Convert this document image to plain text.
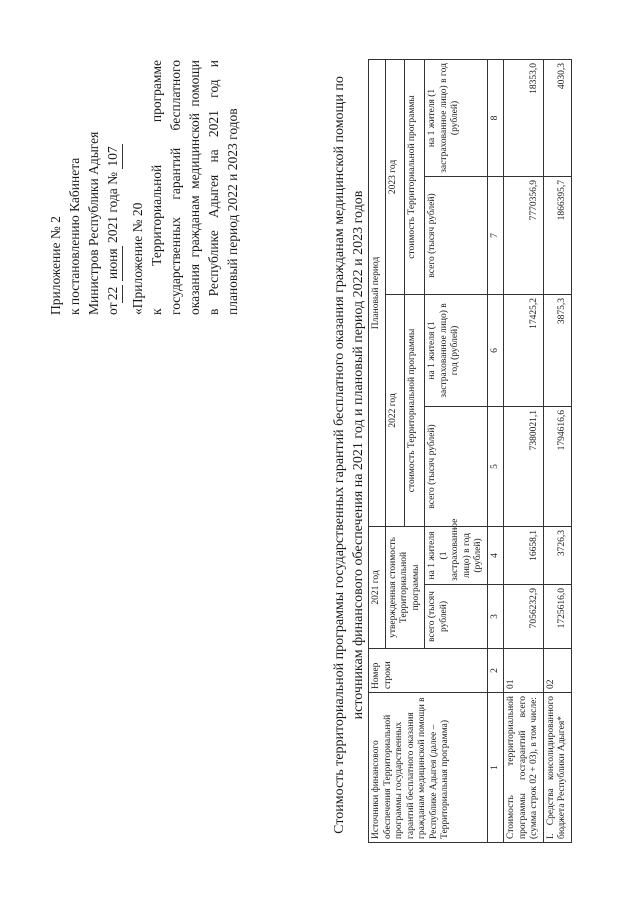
Приложение № 2 к постановлению Кабинета Министров Республики Адыгея от22 июня 2021 года № 107
«Приложение № 20 к Территориальной программе государственных гарантий бесплатного оказания гражданам медицинской помощи в Республике Адыгея на 2021 год и плановый период 2022 и 2023 годов	Стоимость территориальной программы государственных гарантий бесплатного оказания гражданам медицинской помощи по источникам финансового обеспечения на 2021 год и плановый период 2022 и 2023 годов
Источники финансового обеспечения Территориальной программы государственных гарантий бесплатного оказания гражданам медицинской помощи в Республике Адыгея (далее – Территориальная программа)	Номер строки	2021 год		Плановый период			
		утвержденная стоимость Территориальной программы		2022 год		2023 год	
				стоимость Территориальной программы		стоимость Территориальной программы	
		всего (тысяч рублей)	на 1 жителя (1 застрахованное лицо) в год (рублей)	всего (тысяч рублей)	на 1 жителя (1 застрахованное лицо) в год (рублей)	всего (тысяч рублей)	на 1 жителя (1 застрахованное лицо) в год (рублей)
1	2	3	4	5	6	7	8
Стоимость территориальной программы госгарантий всего (сумма строк 02 + 03), в том числе:	01	7056232,9	16658,1	7380021,1	17425,2	7770356,9	18353,0
I. Средства консолидированного бюджета Республики Адыгея*	02	1725616,0	3726,3	1794616,6	3875,3	1866395,7	4030,3
